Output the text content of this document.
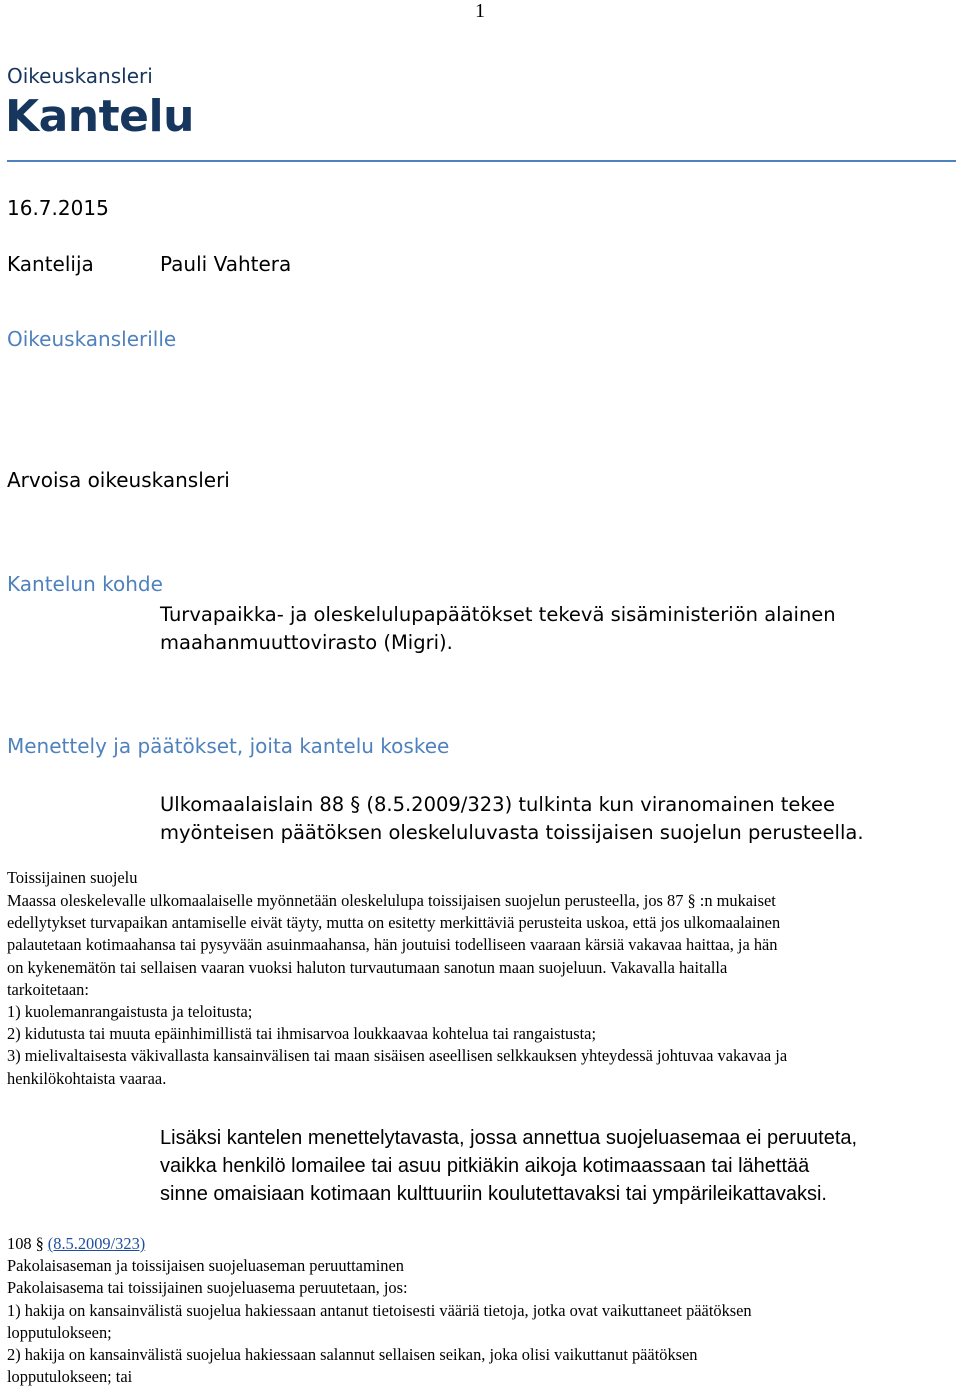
1
Oikeuskansleri
Kantelu
16.7.2015
Kantelija	Pauli Vahtera
Oikeuskanslerille
Arvoisa oikeuskansleri
Kantelun kohde
Turvapaikka- ja oleskelulupapäätökset tekevä sisäministeriön alainen
maahanmuuttovirasto (Migri).
Menettely ja päätökset, joita kantelu koskee
Ulkomaalaislain 88 § (8.5.2009/323) tulkinta kun viranomainen tekee
myönteisen päätöksen oleskeluluvasta toissijaisen suojelun perusteella.
Toissijainen suojelu
Maassa oleskelevalle ulkomaalaiselle myönnetään oleskelulupa toissijaisen suojelun perusteella, jos 87 § :n mukaiset
edellytykset turvapaikan antamiselle eivät täyty, mutta on esitetty merkittäviä perusteita uskoa, että jos ulkomaalainen
palautetaan kotimaahansa tai pysyvään asuinmaahansa, hän joutuisi todelliseen vaaraan kärsiä vakavaa haittaa, ja hän
on kykenemätön tai sellaisen vaaran vuoksi haluton turvautumaan sanotun maan suojeluun. Vakavalla haitalla
tarkoitetaan:
1) kuolemanrangaistusta ja teloitusta;
2) kidutusta tai muuta epäinhimillistä tai ihmisarvoa loukkaavaa kohtelua tai rangaistusta;
3) mielivaltaisesta väkivallasta kansainvälisen tai maan sisäisen aseellisen selkkauksen yhteydessä johtuvaa vakavaa ja
henkilökohtaista vaaraa.
Lisäksi kantelen menettelytavasta, jossa annettua suojeluasemaa ei peruuteta,
vaikka henkilö lomailee tai asuu pitkiäkin aikoja kotimaassaan tai lähettää
sinne omaisiaan kotimaan kulttuuriin koulutettavaksi tai ympärileikattavaksi.
108 § (8.5.2009/323)
Pakolaisaseman ja toissijaisen suojeluaseman peruuttaminen
Pakolaisasema tai toissijainen suojeluasema peruutetaan, jos:
1) hakija on kansainvälistä suojelua hakiessaan antanut tietoisesti vääriä tietoja, jotka ovat vaikuttaneet päätöksen
lopputulokseen;
2) hakija on kansainvälistä suojelua hakiessaan salannut sellaisen seikan, joka olisi vaikuttanut päätöksen
lopputulokseen; tai
